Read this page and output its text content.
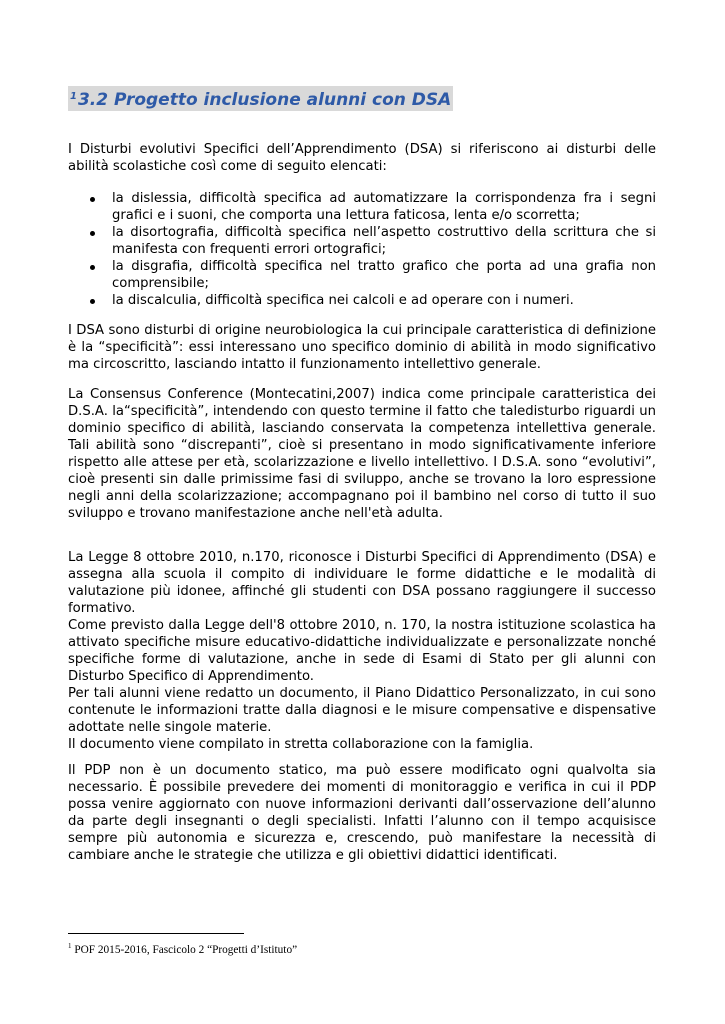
$^1$3.2 Progetto inclusione alunni con DSA

I Disturbi evolutivi Specifici dell’Apprendimento (DSA) si riferiscono ai disturbi delle abilità scolastiche così come di seguito elencati:

la dislessia, difficoltà specifica ad automatizzare la corrispondenza fra i segni grafici e i suoni, che comporta una lettura faticosa, lenta e/o scorretta;
la disortografia, difficoltà specifica nell’aspetto costruttivo della scrittura che si manifesta con frequenti errori ortografici;
la disgrafia, difficoltà specifica nel tratto grafico che porta ad una grafia non comprensibile;
la discalculia, difficoltà specifica nei calcoli e ad operare con i numeri.

I DSA sono disturbi di origine neurobiologica la cui principale caratteristica di definizione è la “specificità”: essi interessano uno specifico dominio di abilità in modo significativo ma circoscritto, lasciando intatto il funzionamento intellettivo generale.

La Consensus Conference (Montecatini,2007) indica come principale caratteristica dei D.S.A. la“specificità”, intendendo con questo termine il fatto che taledisturbo riguardi un dominio specifico di abilità, lasciando conservata la competenza intellettiva generale. Tali abilità sono “discrepanti”, cioè si presentano in modo significativamente inferiore rispetto alle attese per età, scolarizzazione e livello intellettivo. I D.S.A. sono “evolutivi”, cioè presenti sin dalle primissime fasi di sviluppo, anche se trovano la loro espressione negli anni della scolarizzazione; accompagnano poi il bambino nel corso di tutto il suo sviluppo e trovano manifestazione anche nell'età adulta.

La Legge 8 ottobre 2010, n.170, riconosce i Disturbi Specifici di Apprendimento (DSA) e assegna alla scuola il compito di individuare le forme didattiche e le modalità di valutazione più idonee, affinché gli studenti con DSA possano raggiungere il successo formativo.

Come previsto dalla Legge dell'8 ottobre 2010, n. 170, la nostra istituzione scolastica ha attivato specifiche misure educativo-didattiche individualizzate e personalizzate nonché specifiche forme di valutazione, anche in sede di Esami di Stato per gli alunni con Disturbo Specifico di Apprendimento.

Per tali alunni viene redatto un documento, il Piano Didattico Personalizzato, in cui sono contenute le informazioni tratte dalla diagnosi e le misure compensative e dispensative adottate nelle singole materie.

Il documento viene compilato in stretta collaborazione con la famiglia.

Il PDP non è un documento statico, ma può essere modificato ogni qualvolta sia necessario. È possibile prevedere dei momenti di monitoraggio e verifica in cui il PDP possa venire aggiornato con nuove informazioni derivanti dall’osservazione dell’alunno da parte degli insegnanti o degli specialisti. Infatti l’alunno con il tempo acquisisce sempre più autonomia e sicurezza e, crescendo, può manifestare la necessità di cambiare anche le strategie che utilizza e gli obiettivi didattici identificati.

$^1$ POF 2015-2016, Fascicolo 2 “Progetti d’Istituto”
